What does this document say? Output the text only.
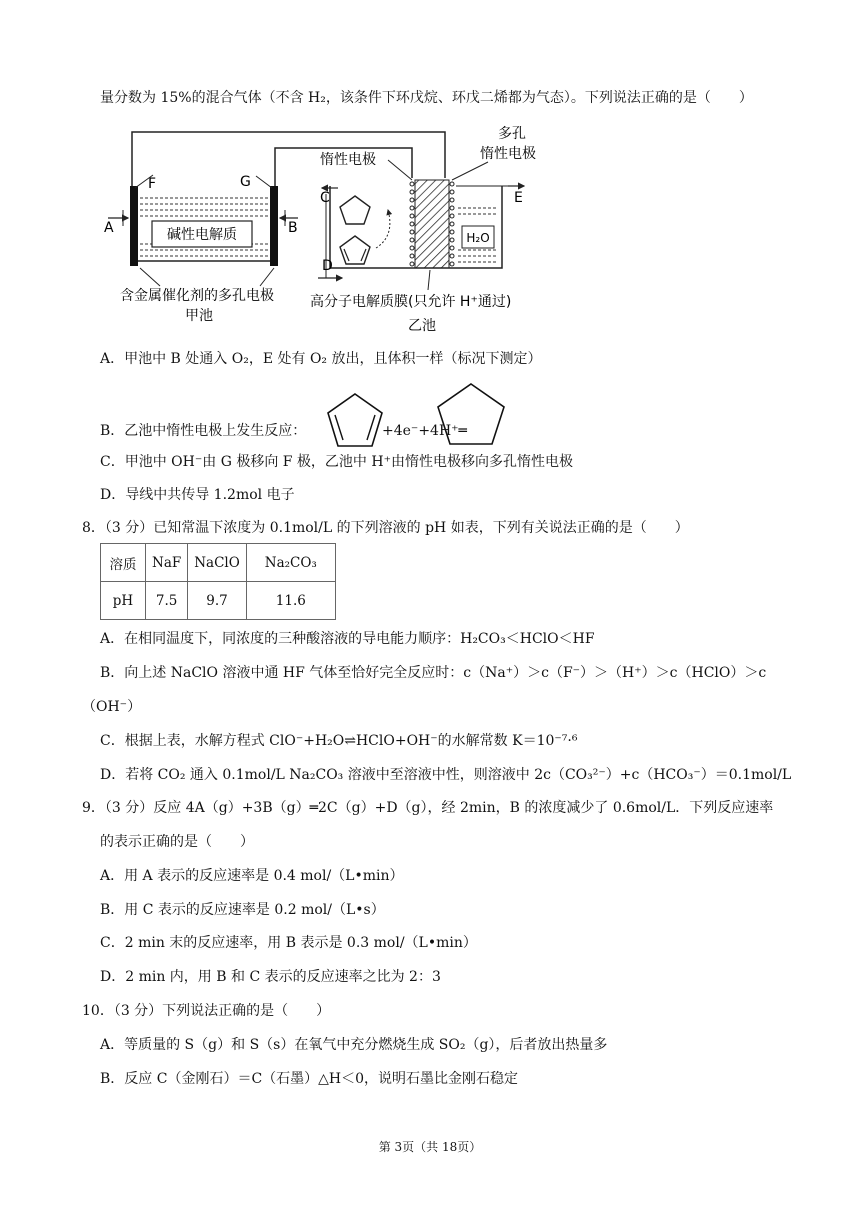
量分数为 15%的混合气体（不含 H₂，该条件下环戊烷、环戊二烯都为气态）。下列说法正确的是（　　）
碱性电解质
A	B
F	G
H₂O
C
D
E
惰性电极
多孔
惰性电极
含金属催化剂的多孔电极
甲池
高分子电解质膜(只允许 H⁺通过)
乙池
A．甲池中 B 处通入 O₂，E 处有 O₂ 放出，且体积一样（标况下测定）
B．乙池中惰性电极上发生反应：	+4e⁻+4H⁺═
C．甲池中 OH⁻由 G 极移向 F 极，乙池中 H⁺由惰性电极移向多孔惰性电极
D．导线中共传导 1.2mol 电子
8．（3 分）已知常温下浓度为 0.1mol/L 的下列溶液的 pH 如表，下列有关说法正确的是（　　）
溶质	NaF	NaClO	Na₂CO₃
pH	7.5	9.7	11.6
A．在相同温度下，同浓度的三种酸溶液的导电能力顺序：H₂CO₃＜HClO＜HF
B．向上述 NaClO 溶液中通 HF 气体至恰好完全反应时：c（Na⁺）＞c（F⁻）＞（H⁺）＞c（HClO）＞c
（OH⁻）
C．根据上表，水解方程式 ClO⁻+H₂O⇌HClO+OH⁻的水解常数 K＝10⁻⁷·⁶
D．若将 CO₂ 通入 0.1mol/L Na₂CO₃ 溶液中至溶液中性，则溶液中 2c（CO₃²⁻）+c（HCO₃⁻）＝0.1mol/L
9．（3 分）反应 4A（g）+3B（g）═2C（g）+D（g），经 2min，B 的浓度减少了 0.6mol/L．下列反应速率
的表示正确的是（　　）
A．用 A 表示的反应速率是 0.4 mol/（L•min）
B．用 C 表示的反应速率是 0.2 mol/（L•s）
C．2 min 末的反应速率，用 B 表示是 0.3 mol/（L•min）
D．2 min 内，用 B 和 C 表示的反应速率之比为 2：3
10．（3 分）下列说法正确的是（　　）
A．等质量的 S（g）和 S（s）在氧气中充分燃烧生成 SO₂（g），后者放出热量多
B．反应 C（金刚石）＝C（石墨）△H＜0，说明石墨比金刚石稳定
第 3页（共 18页）
